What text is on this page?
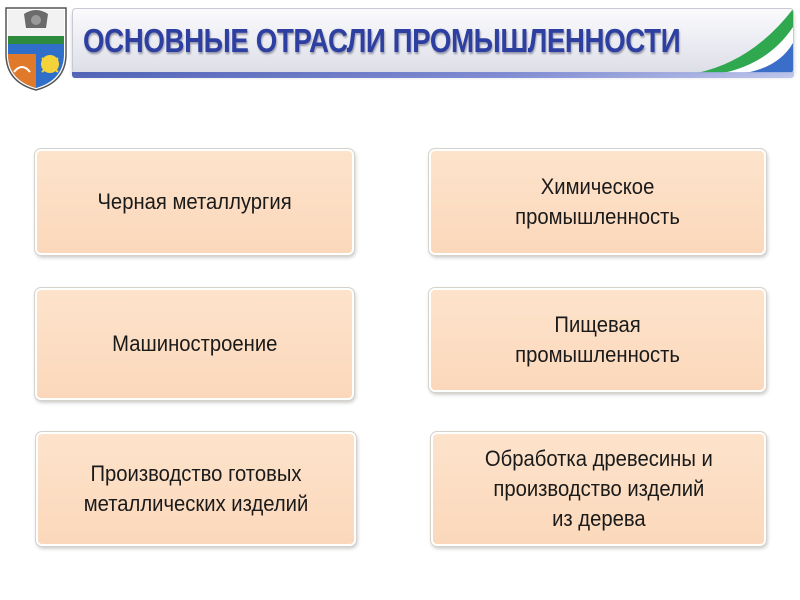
ОСНОВНЫЕ ОТРАСЛИ ПРОМЫШЛЕННОСТИ
Черная металлургия
Химическое
промышленность
Машиностроение
Пищевая
промышленность
Производство готовых
металлических изделий
Обработка древесины и
производство изделий
из дерева
